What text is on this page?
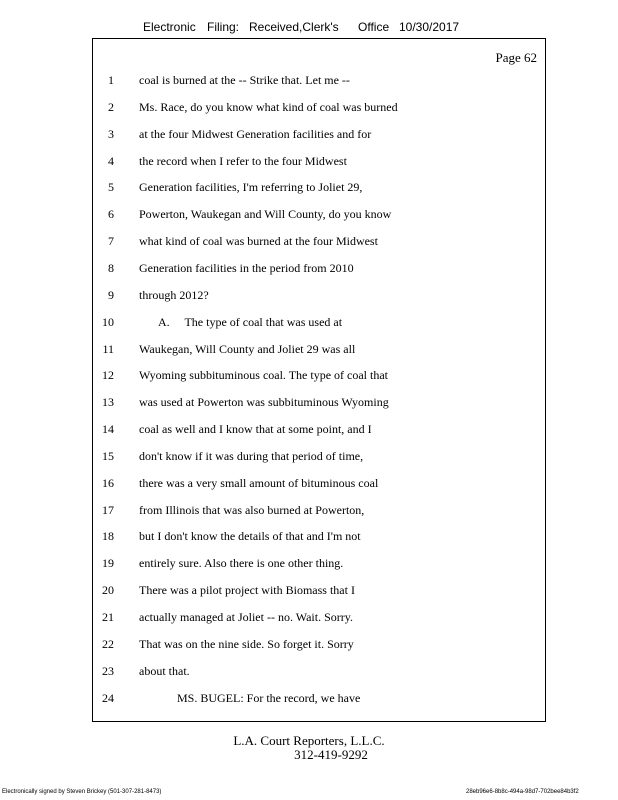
Electronic Filing: Received,Clerk's Office 10/30/2017
Page 62
1 coal is burned at the -- Strike that. Let me --
2 Ms. Race, do you know what kind of coal was burned
3 at the four Midwest Generation facilities and for
4 the record when I refer to the four Midwest
5 Generation facilities, I'm referring to Joliet 29,
6 Powerton, Waukegan and Will County, do you know
7 what kind of coal was burned at the four Midwest
8 Generation facilities in the period from 2010
9 through 2012?
10	A.     The type of coal that was used at
11 Waukegan, Will County and Joliet 29 was all
12 Wyoming subbituminous coal. The type of coal that
13 was used at Powerton was subbituminous Wyoming
14 coal as well and I know that at some point, and I
15 don't know if it was during that period of time,
16 there was a very small amount of bituminous coal
17 from Illinois that was also burned at Powerton,
18 but I don't know the details of that and I'm not
19 entirely sure. Also there is one other thing.
20 There was a pilot project with Biomass that I
21 actually managed at Joliet -- no. Wait. Sorry.
22 That was on the nine side. So forget it. Sorry
23 about that.
24	MS. BUGEL: For the record, we have
L.A. Court Reporters, L.L.C.

312-419-9292
Electronically signed by Steven Brickey (501-307-281-8473)	28eb96e6-8b8c-494a-98d7-702bee84b3f2
